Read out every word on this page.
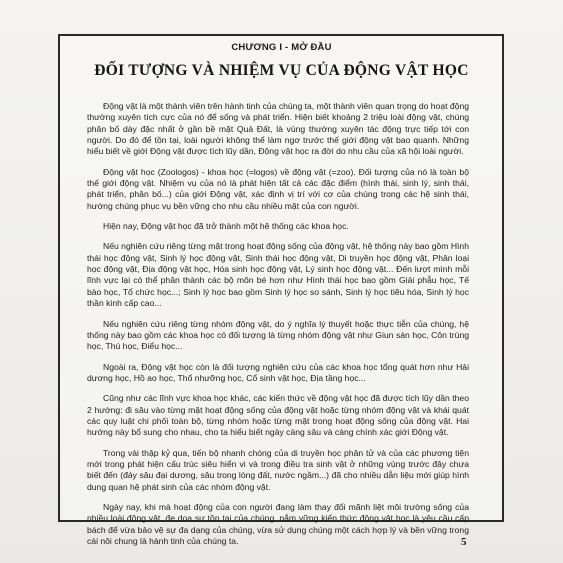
CHƯƠNG I - MỞ ĐẦU
ĐỐI TƯỢNG VÀ NHIỆM VỤ CỦA ĐỘNG VẬT HỌC

Động vật là một thành viên trên hành tinh của chúng ta, một thành viên quan trọng do hoạt động thường xuyên tích cực của nó để sống và phát triển. Hiện biết khoảng 2 triệu loài động vật, chúng phân bố dày đặc nhất ở gần bề mặt Quả Đất, là vùng thường xuyên tác động trực tiếp tới con người. Do đó để tồn tại, loài người không thể làm ngơ trước thế giới động vật bao quanh. Những hiểu biết về giới Động vật được tích lũy dần, Động vật học ra đời do nhu cầu của xã hội loài người.

Động vật học (Zoologos) - khoa học (=logos) về động vật (=zoo). Đối tượng của nó là toàn bộ thế giới động vật. Nhiệm vụ của nó là phát hiện tất cả các đặc điểm (hình thái, sinh lý, sinh thái, phát triển, phân bố...) của giới Động vật, xác định vị trí với cơ của chúng trong các hệ sinh thái, hướng chúng phục vụ bền vững cho nhu cầu nhiều mặt của con người.

Hiện nay, Động vật học đã trở thành một hệ thống các khoa học.

Nếu nghiên cứu riêng từng mặt trong hoạt động sống của động vật, hệ thống này bao gồm Hình thái học động vật, Sinh lý học động vật, Sinh thái học động vật, Di truyền học động vật, Phân loại học động vật, Địa động vật học, Hóa sinh học động vật, Lý sinh học động vật... Đến lượt mình mỗi lĩnh vực lại có thể phân thành các bộ môn bé hơn như Hình thái học bao gồm Giải phẫu học, Tế bào học, Tổ chức học...; Sinh lý học bao gồm Sinh lý học so sánh, Sinh lý học tiêu hóa, Sinh lý học thần kinh cấp cao...

Nếu nghiên cứu riêng từng nhóm động vật, do ý nghĩa lý thuyết hoặc thực tiễn của chúng, hệ thống này bao gồm các khoa học có đối tượng là từng nhóm động vật như Giun sán học, Côn trùng học, Thú học, Điểu học...

Ngoài ra, Động vật học còn là đối tượng nghiên cứu của các khoa học tổng quát hơn như Hải dương học, Hồ ao học, Thổ nhưỡng học, Cổ sinh vật học, Địa tầng học...

Cũng như các lĩnh vực khoa học khác, các kiến thức về động vật học đã được tích lũy dần theo 2 hướng: đi sâu vào từng mặt hoạt động sống của động vật hoặc từng nhóm động vật và khái quát các quy luật chi phối toàn bộ, từng nhóm hoặc từng mặt trong hoạt động sống của động vật. Hai hướng này bổ sung cho nhau, cho ta hiểu biết ngày càng sâu và càng chính xác giới Động vật.

Trong vài thập kỷ qua, tiến bộ nhanh chóng của di truyền học phân tử và của các phương tiện mới trong phát hiện cấu trúc siêu hiển vi và trong điều tra sinh vật ở những vùng trước đây chưa biết đến (đáy sâu đại dương, sâu trong lòng đất, nước ngầm...) đã cho nhiều dẫn liệu mới giúp hình dung quan hệ phát sinh của các nhóm động vật.

Ngày nay, khi mà hoạt động của con người đang làm thay đổi mãnh liệt môi trường sống của nhiều loài động vật, đe dọa sự tồn tại của chúng, nắm vững kiến thức động vật học là yêu cầu cấp bách để vừa bảo vệ sự đa dạng của chúng, vừa sử dụng chúng một cách hợp lý và bền vững trong cái nôi chung là hành tinh của chúng ta.	5
